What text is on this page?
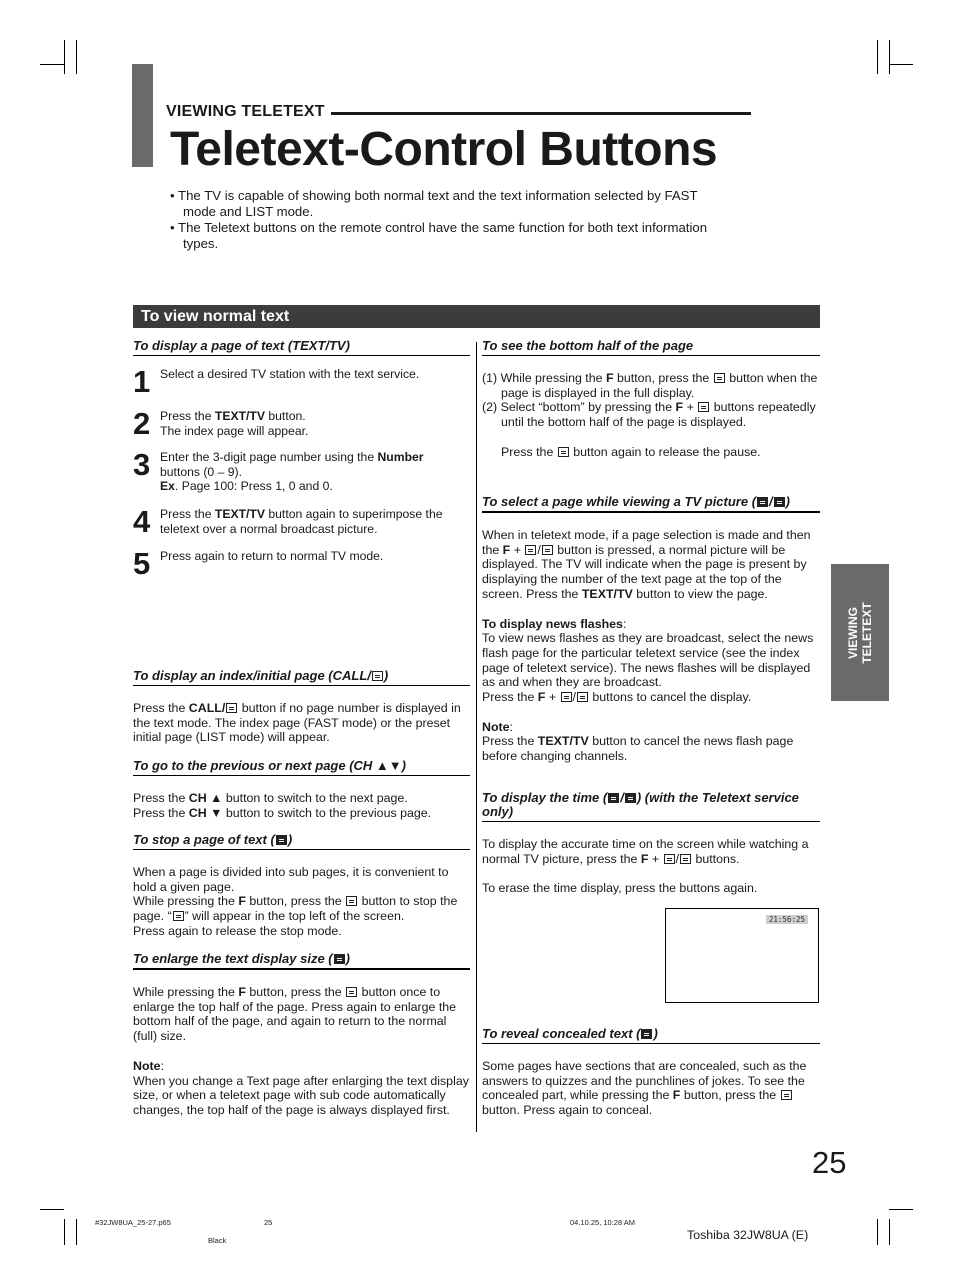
VIEWING TELETEXT
Teletext-Control Buttons
• The TV is capable of showing both normal text and the text information selected by FAST mode and LIST mode.
• The Teletext buttons on the remote control have the same function for both text information types.
To view normal text
VIEWING
TELETEXT
To display a page of text (TEXT/TV)
1 Select a desired TV station with the text service.
2 Press the TEXT/TV button.
The index page will appear.
3 Enter the 3-digit page number using the Number buttons (0 – 9).
Ex. Page 100: Press 1, 0 and 0.
4 Press the TEXT/TV button again to superimpose the teletext over a normal broadcast picture.
5 Press again to return to normal TV mode.
To display an index/initial page (CALL/ )
Press the CALL/ button if no page number is displayed in the text mode. The index page (FAST mode) or the preset initial page (LIST mode) will appear.
To go to the previous or next page (CH ▲▼)
Press the CH ▲ button to switch to the next page.
Press the CH ▼ button to switch to the previous page.
To stop a page of text ( )
When a page is divided into sub pages, it is convenient to hold a given page.
While pressing the F button, press the  button to stop the page. “ ” will appear in the top left of the screen.
Press again to release the stop mode.
To enlarge the text display size ( )
While pressing the F button, press the  button once to enlarge the top half of the page. Press again to enlarge the bottom half of the page, and again to return to the normal (full) size.
Note:
When you change a Text page after enlarging the text display size, or when a teletext page with sub code automatically changes, the top half of the page is always displayed first.
To see the bottom half of the page
(1) While pressing the F button, press the  button when the page is displayed in the full display.
(2) Select “bottom” by pressing the F +  buttons repeatedly until the bottom half of the page is displayed.
Press the  button again to release the pause.
To select a page while viewing a TV picture ( / )
When in teletext mode, if a page selection is made and then the F + / button is pressed, a normal picture will be displayed. The TV will indicate when the page is present by displaying the number of the text page at the top of the screen. Press the TEXT/TV button to view the page.
To display news flashes:
To view news flashes as they are broadcast, select the news flash page for the particular teletext service (see the index page of teletext service). The news flashes will be displayed as and when they are broadcast.
Press the F + / buttons to cancel the display.
Note:
Press the TEXT/TV button to cancel the news flash page before changing channels.
To display the time ( / ) (with the Teletext service only)
To display the accurate time on the screen while watching a normal TV picture, press the F + / buttons.
To erase the time display, press the buttons again.
21:56:25
To reveal concealed text ( )
Some pages have sections that are concealed, such as the answers to quizzes and the punchlines of jokes. To see the concealed part, while pressing the F button, press the  button. Press again to conceal.
25
#32JW8UA_25-27.p65	25	04.10.25, 10:28 AM
Black	Toshiba 32JW8UA (E)
